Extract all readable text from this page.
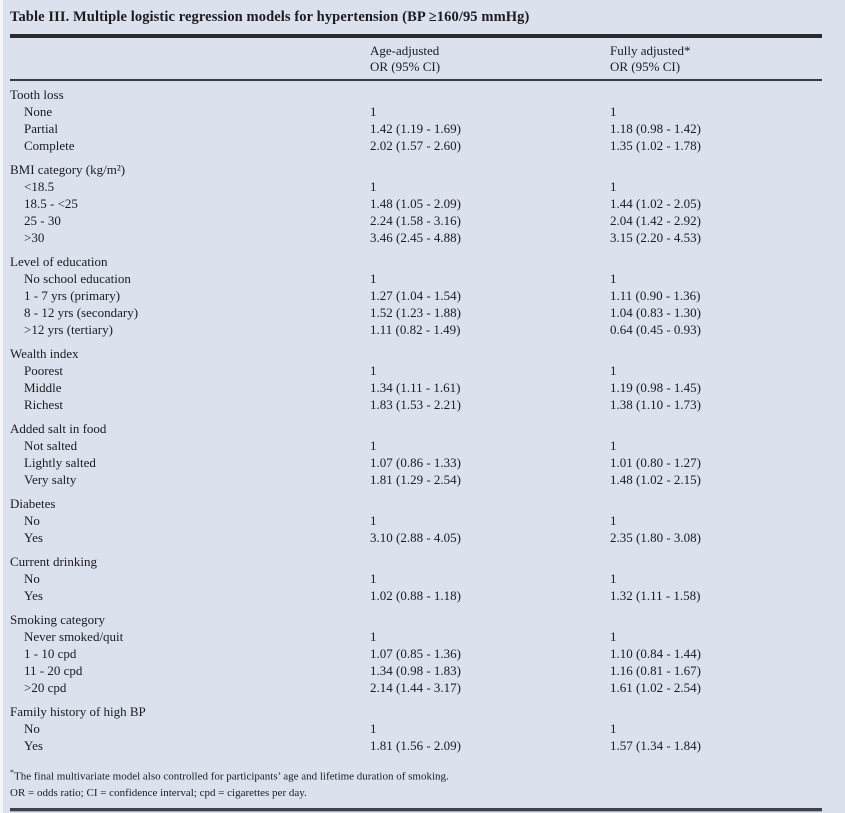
Table III. Multiple logistic regression models for hypertension (BP ≥160/95 mmHg)
Age-adjusted
OR (95% CI)
Fully adjusted*
OR (95% CI)
Tooth loss
None	1	1
Partial	1.42 (1.19 - 1.69)	1.18 (0.98 - 1.42)
Complete	2.02 (1.57 - 2.60)	1.35 (1.02 - 1.78)
BMI category (kg/m²)
<18.5	1	1
18.5 - <25	1.48 (1.05 - 2.09)	1.44 (1.02 - 2.05)
25 - 30	2.24 (1.58 - 3.16)	2.04 (1.42 - 2.92)
>30	3.46 (2.45 - 4.88)	3.15 (2.20 - 4.53)
Level of education
No school education	1	1
1 - 7 yrs (primary)	1.27 (1.04 - 1.54)	1.11 (0.90 - 1.36)
8 - 12 yrs (secondary)	1.52 (1.23 - 1.88)	1.04 (0.83 - 1.30)
>12 yrs (tertiary)	1.11 (0.82 - 1.49)	0.64 (0.45 - 0.93)
Wealth index
Poorest	1	1
Middle	1.34 (1.11 - 1.61)	1.19 (0.98 - 1.45)
Richest	1.83 (1.53 - 2.21)	1.38 (1.10 - 1.73)
Added salt in food
Not salted	1	1
Lightly salted	1.07 (0.86 - 1.33)	1.01 (0.80 - 1.27)
Very salty	1.81 (1.29 - 2.54)	1.48 (1.02 - 2.15)
Diabetes
No	1	1
Yes	3.10 (2.88 - 4.05)	2.35 (1.80 - 3.08)
Current drinking
No	1	1
Yes	1.02 (0.88 - 1.18)	1.32 (1.11 - 1.58)
Smoking category
Never smoked/quit	1	1
1 - 10 cpd	1.07 (0.85 - 1.36)	1.10 (0.84 - 1.44)
11 - 20 cpd	1.34 (0.98 - 1.83)	1.16 (0.81 - 1.67)
>20 cpd	2.14 (1.44 - 3.17)	1.61 (1.02 - 2.54)
Family history of high BP
No	1	1
Yes	1.81 (1.56 - 2.09)	1.57 (1.34 - 1.84)
*The final multivariate model also controlled for participants’ age and lifetime duration of smoking.
OR = odds ratio; CI = confidence interval; cpd = cigarettes per day.
